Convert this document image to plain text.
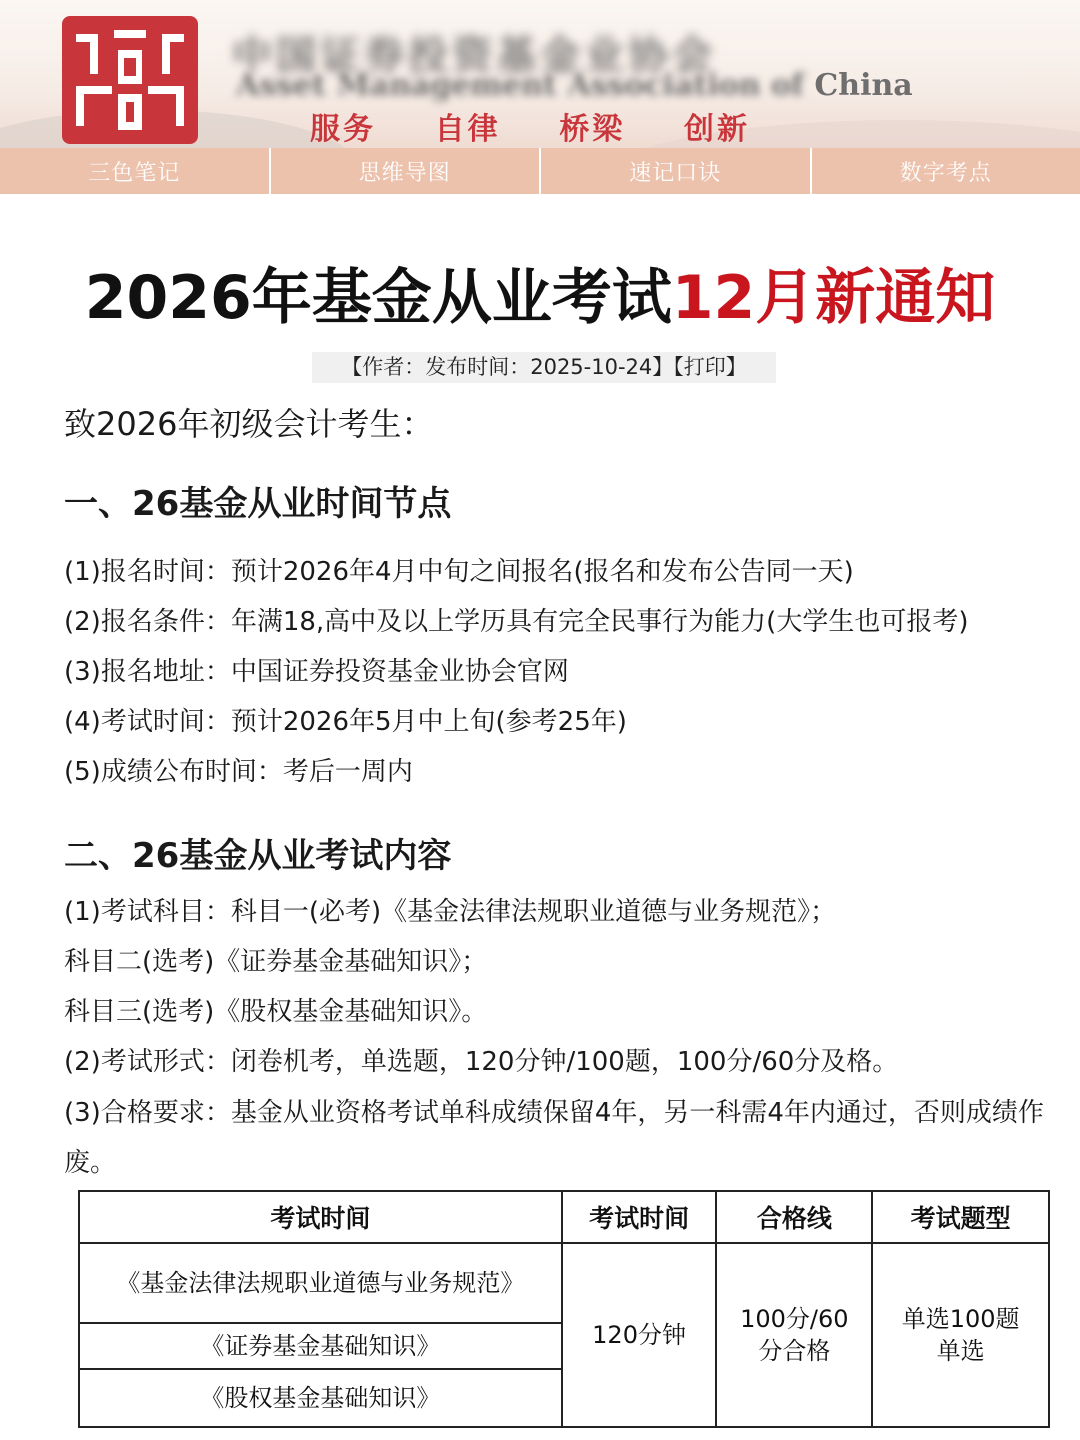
中国证券投资基金业协会
Asset Management Association of China
服务 自律 桥梁 创新
三色笔记	思维导图	速记口诀	数字考点
2026年基金从业考试12月新通知
【作者：发布时间：2025-10-24】【打印】
致2026年初级会计考生：
一、26基金从业时间节点
(1)报名时间：预计2026年4月中旬之间报名(报名和发布公告同一天)
(2)报名条件：年满18,高中及以上学历具有完全民事行为能力(大学生也可报考)
(3)报名地址：中国证券投资基金业协会官网
(4)考试时间：预计2026年5月中上旬(参考25年)
(5)成绩公布时间：考后一周内
二、26基金从业考试内容
(1)考试科目：科目一(必考)《基金法律法规职业道德与业务规范》；
科目二(选考)《证券基金基础知识》；
科目三(选考)《股权基金基础知识》。
(2)考试形式：闭卷机考，单选题，120分钟/100题，100分/60分及格。
(3)合格要求：基金从业资格考试单科成绩保留4年，另一科需4年内通过，否则成绩作废。
考试时间	考试时间	合格线	考试题型
《基金法律法规职业道德与业务规范》	120分钟	100分/60分合格	单选100题单选
《证券基金基础知识》			
《股权基金基础知识》			
